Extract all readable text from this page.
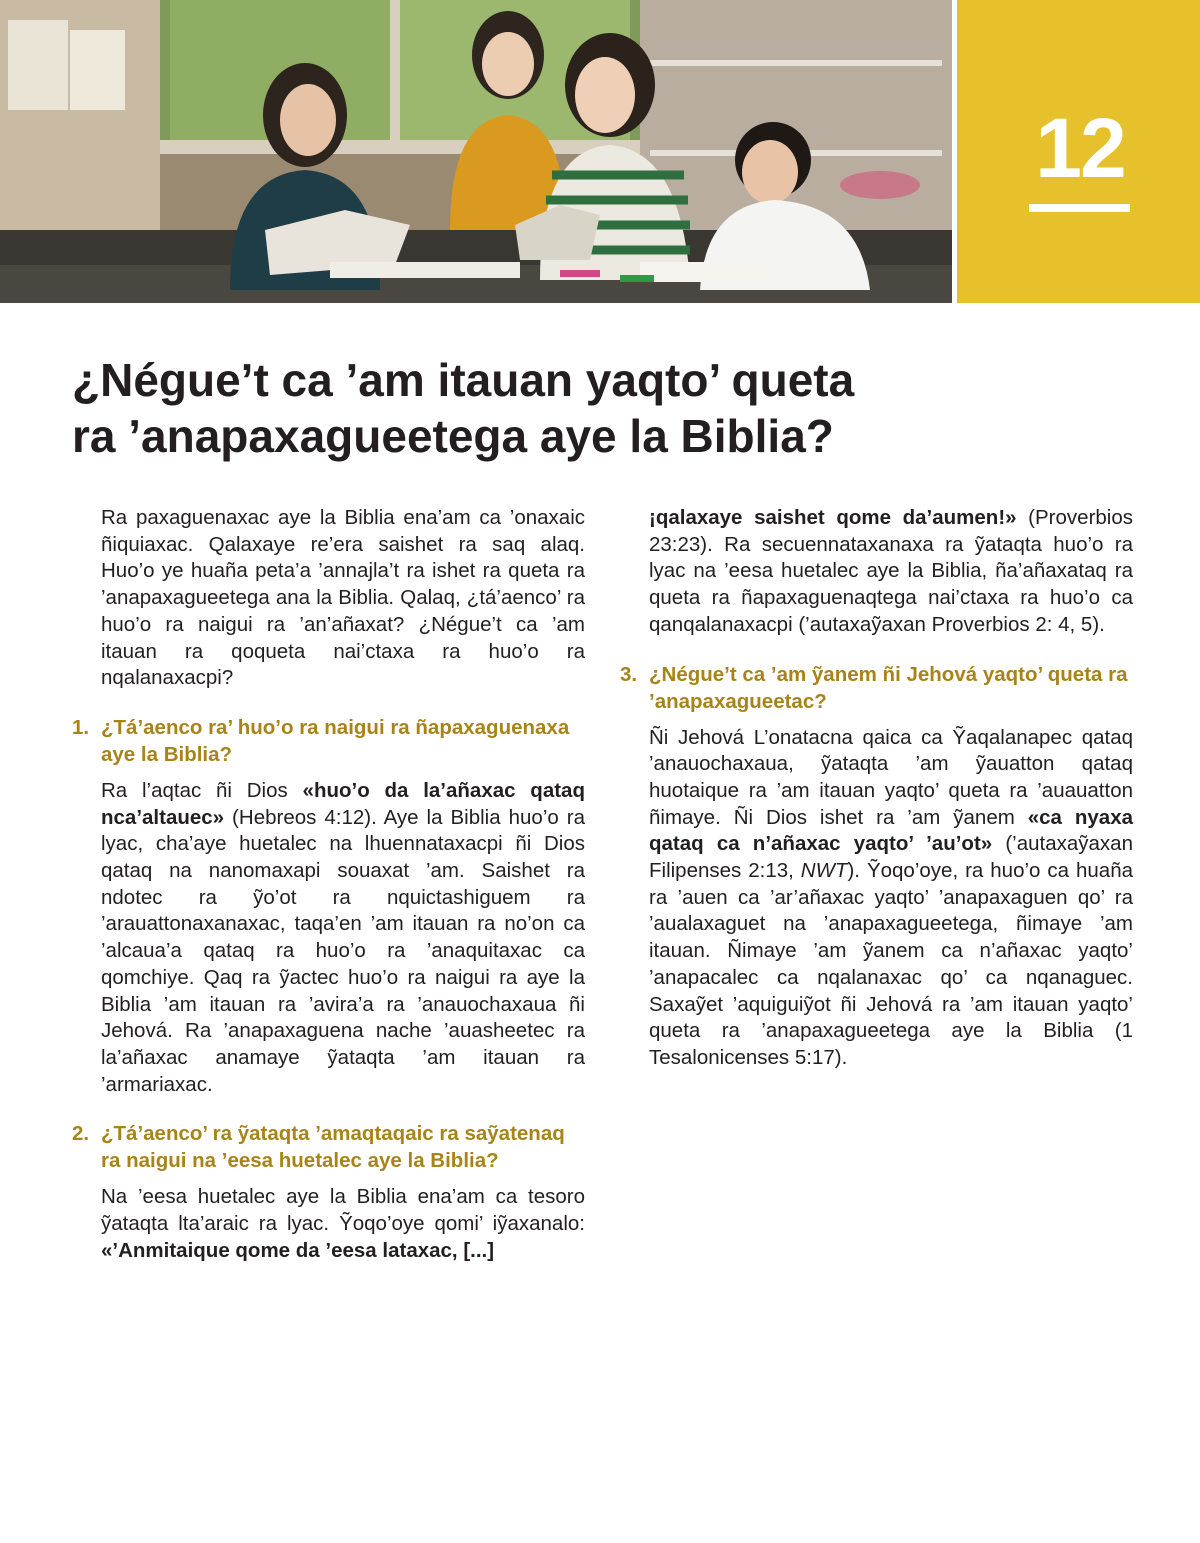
12
¿Négue’t ca ’am itauan yaqto’ queta
ra ’anapaxagueetega aye la Biblia?

Ra paxaguenaxac aye la Biblia ena’am ca ’onaxaic ñiquiaxac. Qalaxaye re’era saishet ra saq alaq. Huo’o ye huaña peta’a ’annajla’t ra ishet ra queta ra ’anapaxagueetega ana la Biblia. Qalaq, ¿tá’aenco’ ra huo’o ra naigui ra ’an’añaxat? ¿Négue’t ca ’am itauan ra qoqueta nai’ctaxa ra huo’o ra nqalanaxacpi?

1. ¿Tá’aenco ra’ huo’o ra naigui ra ñapaxaguenaxa aye la Biblia?

Ra l’aqtac ñi Dios «huo’o da la’añaxac qataq nca’altauec» (Hebreos 4:12). Aye la Biblia huo’o ra lyac, cha’aye huetalec na lhuennataxacpi ñi Dios qataq na nanomaxapi souaxat ’am. Saishet ra ndotec ra ỹo’ot ra nquictashiguem ra ’arauattonaxanaxac, taqa’en ’am itauan ra no’on ca ’alcaua’a qataq ra huo’o ra ’anaquitaxac ca qomchiye. Qaq ra ỹactec huo’o ra naigui ra aye la Biblia ’am itauan ra ’avira’a ra ’anauochaxaua ñi Jehová. Ra ’anapaxaguena nache ’auasheetec ra la’añaxac anamaye ỹataqta ’am itauan ra ’armariaxac.

2. ¿Tá’aenco’ ra ỹataqta ’amaqtaqaic ra saỹatenaq ra naigui na ’eesa huetalec aye la Biblia?

Na ’eesa huetalec aye la Biblia ena’am ca tesoro ỹataqta lta’araic ra lyac. Ỹoqo’oye qomi’ iỹaxanalo: «’Anmitaique qome da ’eesa lataxac, [...]

¡qalaxaye saishet qome da’aumen!» (Proverbios 23:23). Ra secuennataxanaxa ra ỹataqta huo’o ra lyac na ’eesa huetalec aye la Biblia, ña’añaxataq ra queta ra ñapaxaguenaqtega nai’ctaxa ra huo’o ca qanqalanaxacpi (’autaxaỹaxan Proverbios 2: 4, 5).

3. ¿Négue’t ca ’am ỹanem ñi Jehová yaqto’ queta ra ’anapaxagueetac?

Ñi Jehová L’onatacna qaica ca Ỹaqalanapec qataq ’anauochaxaua, ỹataqta ’am ỹauatton qataq huotaique ra ’am itauan yaqto’ queta ra ’auauatton ñimaye. Ñi Dios ishet ra ’am ỹanem «ca nyaxa qataq ca n’añaxac yaqto’ ’au’ot» (’autaxaỹaxan Filipenses 2:13, NWT). Ỹoqo’oye, ra huo’o ca huaña ra ’auen ca ’ar’añaxac yaqto’ ’anapaxaguen qo’ ra ’aualaxaguet na ’anapaxagueetega, ñimaye ’am itauan. Ñimaye ’am ỹanem ca n’añaxac yaqto’ ’anapacalec ca nqalanaxac qo’ ca nqanaguec. Saxaỹet ’aquiguiỹot ñi Jehová ra ’am itauan yaqto’ queta ra ’anapaxagueetega aye la Biblia (1 Tesalonicenses 5:17).
